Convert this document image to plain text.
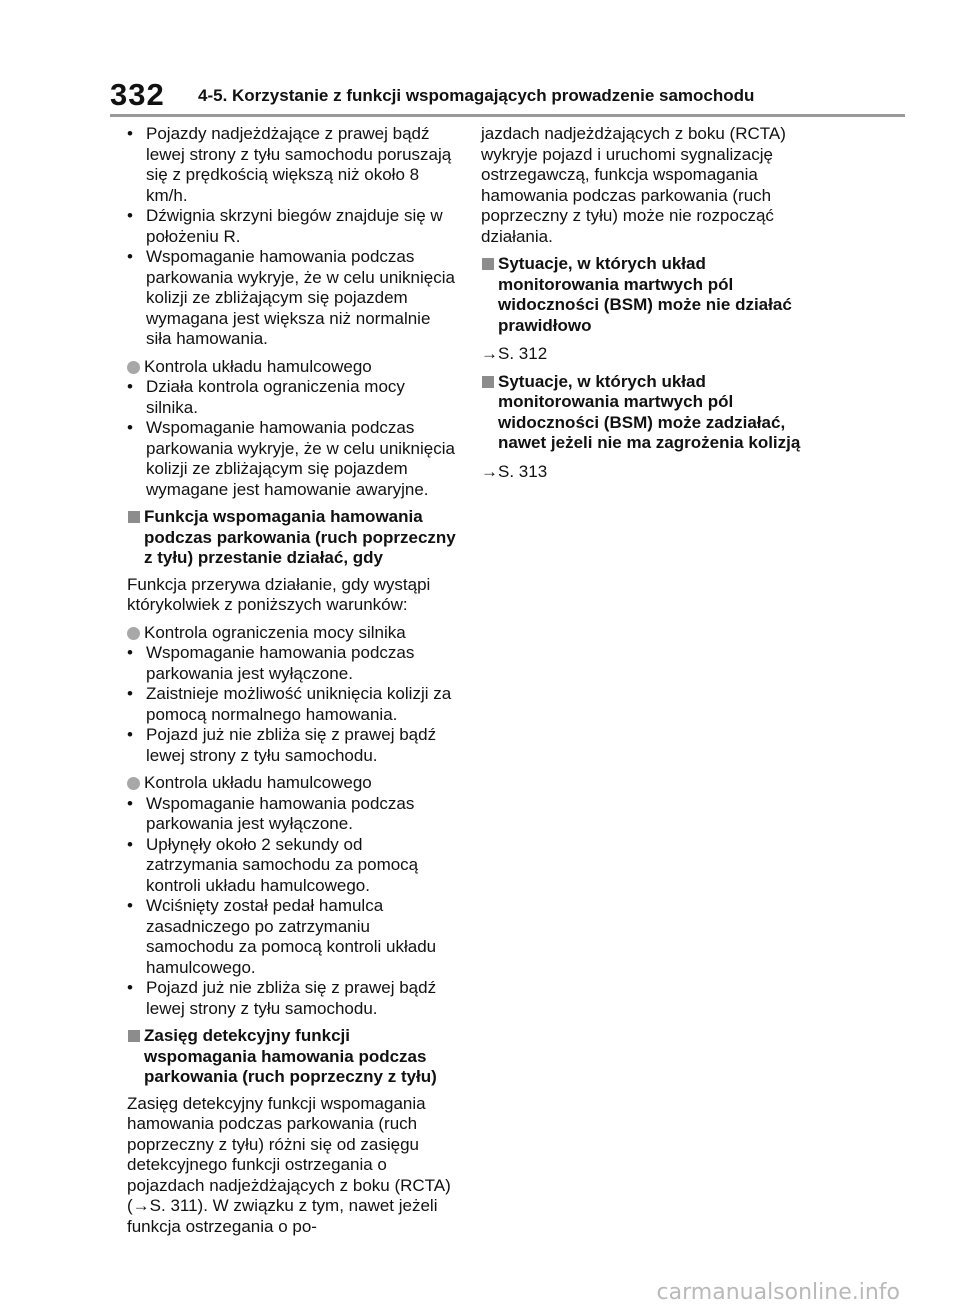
332 4-5. Korzystanie z funkcji wspomagających prowadzenie samochodu
• Pojazdy nadjeżdżające z prawej bądź lewej strony z tyłu samochodu poruszają się z prędkością większą niż około 8 km/h.
• Dźwignia skrzyni biegów znajduje się w położeniu R.
• Wspomaganie hamowania podczas parkowania wykryje, że w celu uniknięcia kolizji ze zbliżającym się pojazdem wymagana jest większa niż normalnie siła hamowania.
Kontrola układu hamulcowego
• Działa kontrola ograniczenia mocy silnika.
• Wspomaganie hamowania podczas parkowania wykryje, że w celu uniknięcia kolizji ze zbliżającym się pojazdem wymagane jest hamowanie awaryjne.
Funkcja wspomagania hamowania podczas parkowania (ruch poprzeczny z tyłu) przestanie działać, gdy
Funkcja przerywa działanie, gdy wystąpi którykolwiek z poniższych warunków:
Kontrola ograniczenia mocy silnika
• Wspomaganie hamowania podczas parkowania jest wyłączone.
• Zaistnieje możliwość uniknięcia kolizji za pomocą normalnego hamowania.
• Pojazd już nie zbliża się z prawej bądź lewej strony z tyłu samochodu.
Kontrola układu hamulcowego
• Wspomaganie hamowania podczas parkowania jest wyłączone.
• Upłynęły około 2 sekundy od zatrzymania samochodu za pomocą kontroli układu hamulcowego.
• Wciśnięty został pedał hamulca zasadniczego po zatrzymaniu samochodu za pomocą kontroli układu hamulcowego.
• Pojazd już nie zbliża się z prawej bądź lewej strony z tyłu samochodu.
Zasięg detekcyjny funkcji wspomagania hamowania podczas parkowania (ruch poprzeczny z tyłu)
Zasięg detekcyjny funkcji wspomagania hamowania podczas parkowania (ruch poprzeczny z tyłu) różni się od zasięgu detekcyjnego funkcji ostrzegania o pojazdach nadjeżdżających z boku (RCTA) (→S. 311). W związku z tym, nawet jeżeli funkcja ostrzegania o po-
jazdach nadjeżdżających z boku (RCTA) wykryje pojazd i uruchomi sygnalizację ostrzegawczą, funkcja wspomagania hamowania podczas parkowania (ruch poprzeczny z tyłu) może nie rozpocząć działania.
Sytuacje, w których układ monitorowania martwych pól widoczności (BSM) może nie działać prawidłowo
→S. 312
Sytuacje, w których układ monitorowania martwych pól widoczności (BSM) może zadziałać, nawet jeżeli nie ma zagrożenia kolizją
→S. 313
carmanualsonline.info
